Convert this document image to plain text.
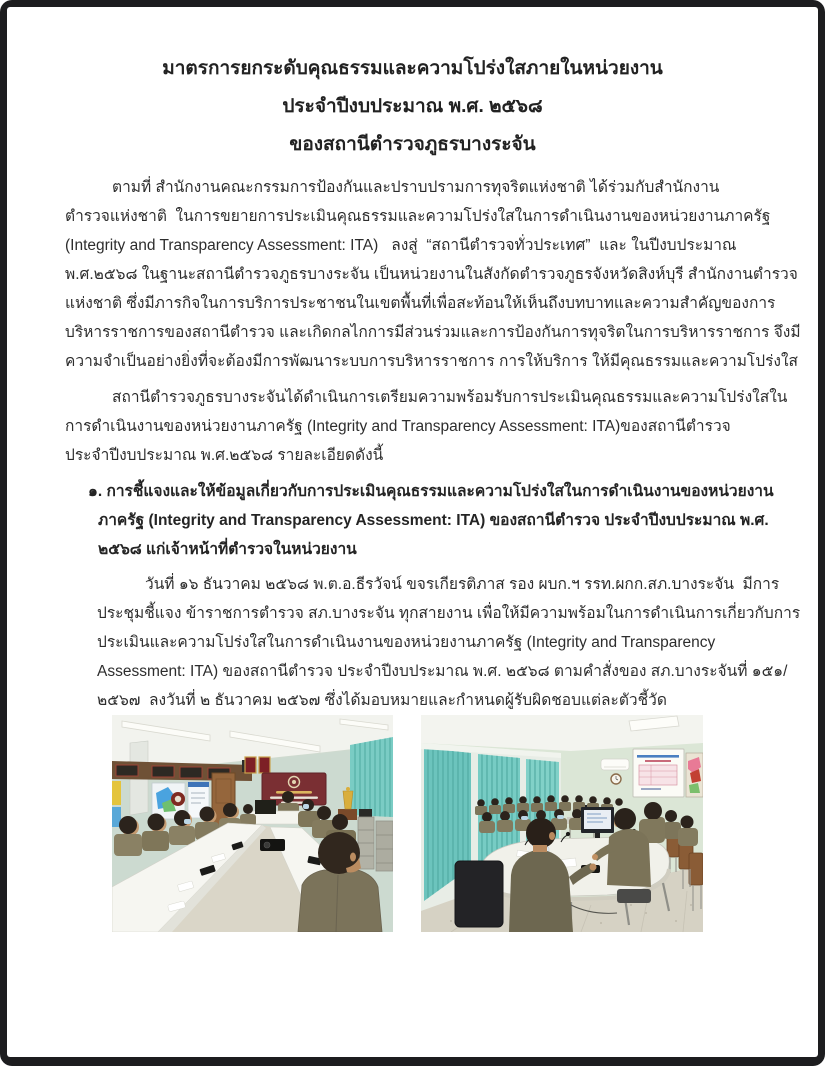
มาตรการยกระดับคุณธรรมและความโปร่งใสภายในหน่วยงาน
ประจำปีงบประมาณ พ.ศ. ๒๕๖๘
ของสถานีตำรวจภูธรบางระจัน
ตามที่ สำนักงานคณะกรรมการป้องกันและปราบปรามการทุจริตแห่งชาติ ได้ร่วมกับสำนักงาน
ตำรวจแห่งชาติ  ในการขยายการประเมินคุณธรรมและความโปร่งใสในการดำเนินงานของหน่วยงานภาครัฐ
(Integrity and Transparency Assessment: ITA)   ลงสู่  “สถานีตำรวจทั่วประเทศ”  และ ในปีงบประมาณ
พ.ศ.๒๕๖๘ ในฐานะสถานีตำรวจภูธรบางระจัน เป็นหน่วยงานในสังกัดตำรวจภูธรจังหวัดสิงห์บุรี สำนักงานตำรวจ
แห่งชาติ ซึ่งมีภารกิจในการบริการประชาชนในเขตพื้นที่เพื่อสะท้อนให้เห็นถึงบทบาทและความสำคัญของการ
บริหารราชการของสถานีตำรวจ และเกิดกลไกการมีส่วนร่วมและการป้องกันการทุจริตในการบริหารราชการ จึงมี
ความจำเป็นอย่างยิ่งที่จะต้องมีการพัฒนาระบบการบริหารราชการ การให้บริการ ให้มีคุณธรรมและความโปร่งใส
สถานีตำรวจภูธรบางระจันได้ดำเนินการเตรียมความพร้อมรับการประเมินคุณธรรมและความโปร่งใสใน
การดำเนินงานของหน่วยงานภาครัฐ (Integrity and Transparency Assessment: ITA)ของสถานีตำรวจ
ประจำปีงบประมาณ พ.ศ.๒๕๖๘ รายละเอียดดังนี้
๑. การชี้แจงและให้ข้อมูลเกี่ยวกับการประเมินคุณธรรมและความโปร่งใสในการดำเนินงานของหน่วยงาน
ภาครัฐ (Integrity and Transparency Assessment: ITA) ของสถานีตำรวจ ประจำปีงบประมาณ พ.ศ.
๒๕๖๘ แก่เจ้าหน้าที่ตำรวจในหน่วยงาน
วันที่ ๑๖ ธันวาคม ๒๕๖๘ พ.ต.อ.ธีรวัจน์ ขจรเกียรติภาส รอง ผบก.ฯ รรท.ผกก.สภ.บางระจัน  มีการ
ประชุมชี้แจง ข้าราชการตำรวจ สภ.บางระจัน ทุกสายงาน เพื่อให้มีความพร้อมในการดำเนินการเกี่ยวกับการ
ประเมินและความโปร่งใสในการดำเนินงานของหน่วยงานภาครัฐ (Integrity and Transparency
Assessment: ITA) ของสถานีตำรวจ ประจำปีงบประมาณ พ.ศ. ๒๕๖๘ ตามคำสั่งของ สภ.บางระจันที่ ๑๕๑/
๒๕๖๗  ลงวันที่ ๒ ธันวาคม ๒๕๖๗ ซึ่งได้มอบหมายและกำหนดผู้รับผิดชอบแต่ละตัวชี้วัด
